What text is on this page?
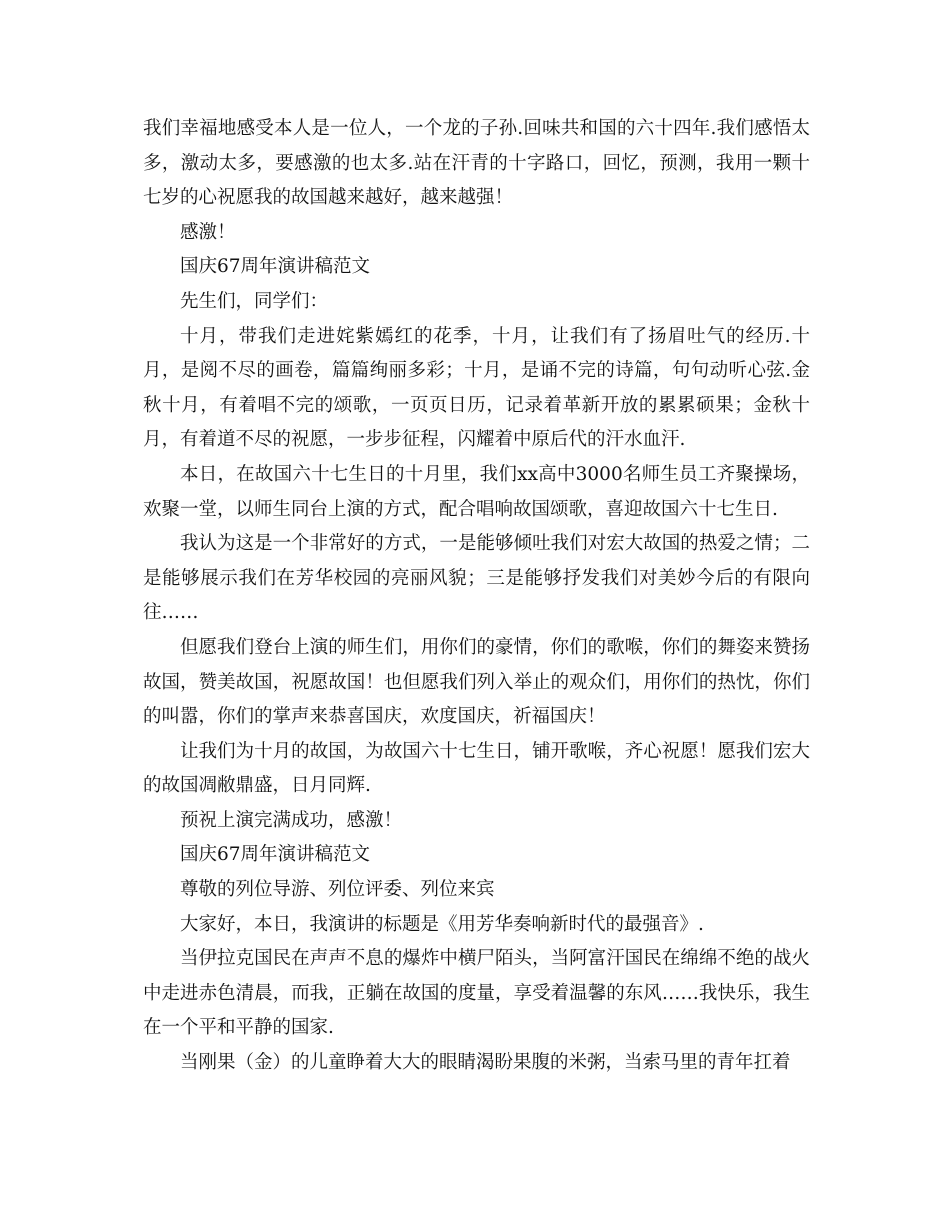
我们幸福地感受本人是一位人，一个龙的子孙.回味共和国的六十四年.我们感悟太多，激动太多，要感激的也太多.站在汗青的十字路口，回忆，预测，我用一颗十七岁的心祝愿我的故国越来越好，越来越强！

感激！

国庆67周年演讲稿范文

先生们，同学们：

十月，带我们走进姹紫嫣红的花季，十月，让我们有了扬眉吐气的经历.十月，是阅不尽的画卷，篇篇绚丽多彩；十月，是诵不完的诗篇，句句动听心弦.金秋十月，有着唱不完的颂歌，一页页日历，记录着革新开放的累累硕果；金秋十月，有着道不尽的祝愿，一步步征程，闪耀着中原后代的汗水血汗.

本日，在故国六十七生日的十月里，我们xx高中3000名师生员工齐聚操场，欢聚一堂，以师生同台上演的方式，配合唱响故国颂歌，喜迎故国六十七生日.

我认为这是一个非常好的方式，一是能够倾吐我们对宏大故国的热爱之情；二是能够展示我们在芳华校园的亮丽风貌；三是能够抒发我们对美妙今后的有限向往……

但愿我们登台上演的师生们，用你们的豪情，你们的歌喉，你们的舞姿来赞扬故国，赞美故国，祝愿故国！也但愿我们列入举止的观众们，用你们的热忱，你们的叫嚣，你们的掌声来恭喜国庆，欢度国庆，祈福国庆！

让我们为十月的故国，为故国六十七生日，铺开歌喉，齐心祝愿！愿我们宏大的故国凋敝鼎盛，日月同辉.

预祝上演完满成功，感激！

国庆67周年演讲稿范文

尊敬的列位导游、列位评委、列位来宾

大家好，本日，我演讲的标题是《用芳华奏响新时代的最强音》.

当伊拉克国民在声声不息的爆炸中横尸陌头，当阿富汗国民在绵绵不绝的战火中走进赤色清晨，而我，正躺在故国的度量，享受着温馨的东风……我快乐，我生在一个平和平静的国家.

当刚果（金）的儿童睁着大大的眼睛渴盼果腹的米粥，当索马里的青年扛着
